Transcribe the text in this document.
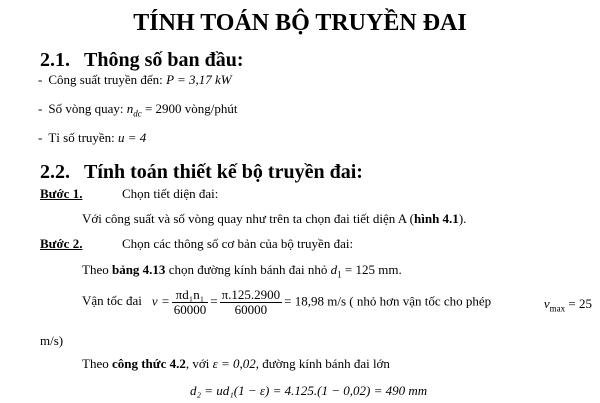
TÍNH TOÁN BỘ TRUYỀN ĐAI
2.1. Thông số ban đầu:
- Công suất truyền đến: P = 3,17 kW
- Số vòng quay: $n_{dc} = 2900$ vòng/phút
- Tỉ số truyền: u = 4
2.2. Tính toán thiết kế bộ truyền đai:
Bước 1.	Chọn tiết diện đai:
Với công suất và số vòng quay như trên ta chọn đai tiết diện A (hình 4.1).
Bước 2.	Chọn các thông số cơ bản của bộ truyền đai:
Theo bảng 4.13 chọn đường kính bánh đai nhỏ $d_1 = 125$ mm.
Vận tốc đai $v = \frac{\text{πd₁n₁}}{60000} = \frac{\pi.125.2900}{60000} = 18,98$ m/s ( nhỏ hơn vận tốc cho phép	$v_{max} = 25$
m/s)
Theo công thức 4.2, với ε = 0,02, đường kính bánh đai lớn
d₂ = ud₁(1 − ε) = 4.125.(1 − 0,02) = 490 mm
